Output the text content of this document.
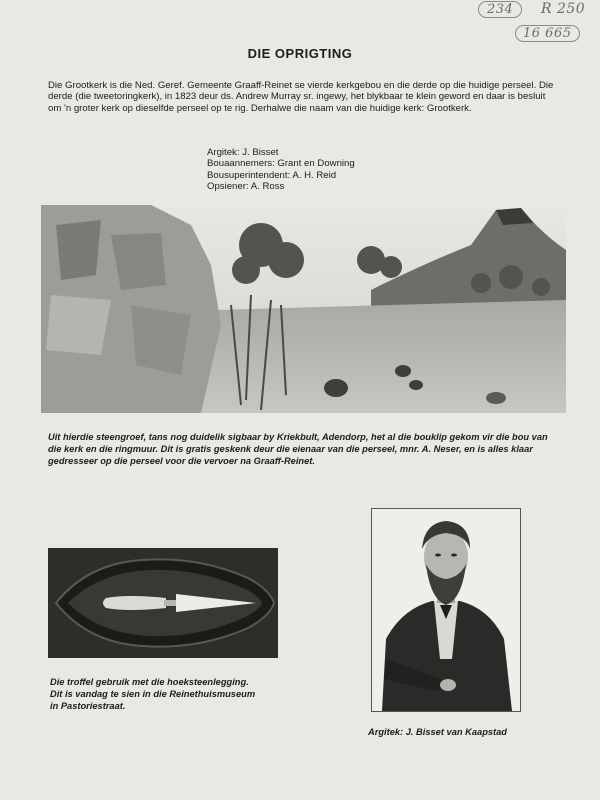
234	R 250
16 665
DIE OPRIGTING

Die Grootkerk is die Ned. Geref. Gemeente Graaff-Reinet se vierde kerkgebou en die derde op die huidige perseel. Die derde (die tweetoringkerk), in 1823 deur ds. Andrew Murray sr. ingewy, het blykbaar te klein geword en daar is besluit om 'n groter kerk op dieselfde perseel op te rig. Derhalwe die naam van die huidige kerk: Grootkerk.

Argitek: J. Bisset
Bouaannemers: Grant en Downing
Bousuperintendent: A. H. Reid
Opsiener: A. Ross

Uit hierdie steengroef, tans nog duidelik sigbaar by Kriekbult, Adendorp, het al die bouklip gekom vir die bou van die kerk en die ringmuur. Dit is gratis geskenk deur die eienaar van die perseel, mnr. A. Neser, en is alles klaar gedresseer op die perseel voor die vervoer na Graaff-Reinet.

Die troffel gebruik met die hoeksteenlegging.
Dit is vandag te sien in die Reinethuismuseum
in Pastoriestraat.
Argitek: J. Bisset van Kaapstad
